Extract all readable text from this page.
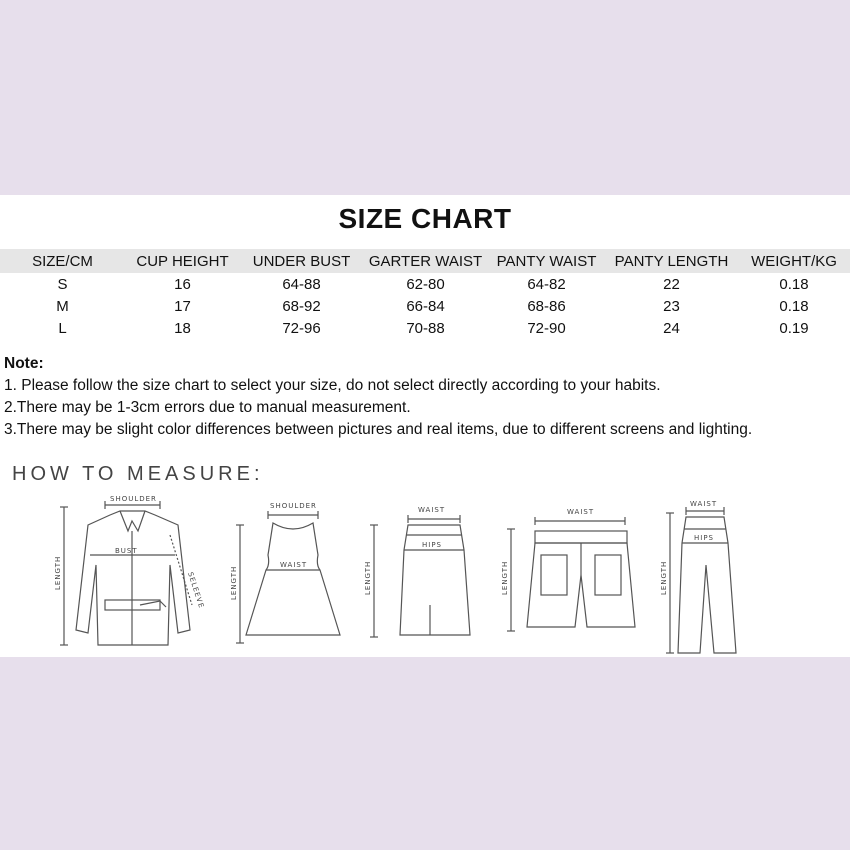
SIZE CHART
SIZE/CM	CUP HEIGHT	UNDER BUST	GARTER WAIST	PANTY WAIST	PANTY LENGTH	WEIGHT/KG
S	16	64-88	62-80	64-82	22	0.18
M	17	68-92	66-84	68-86	23	0.18
L	18	72-96	70-88	72-90	24	0.19
Note:
1. Please follow the size chart to select your size, do not select directly according to your habits.
2.There may be 1-3cm errors due to manual measurement.
3.There may be slight color differences between pictures and real items, due to different screens and lighting.
HOW TO MEASURE:
SHOULDER
BUST
SELEEVE
LENGTH
SHOULDER
WAIST
LENGTH
WAIST
HIPS
LENGTH
WAIST
LENGTH
WAIST
HIPS
LENGTH
